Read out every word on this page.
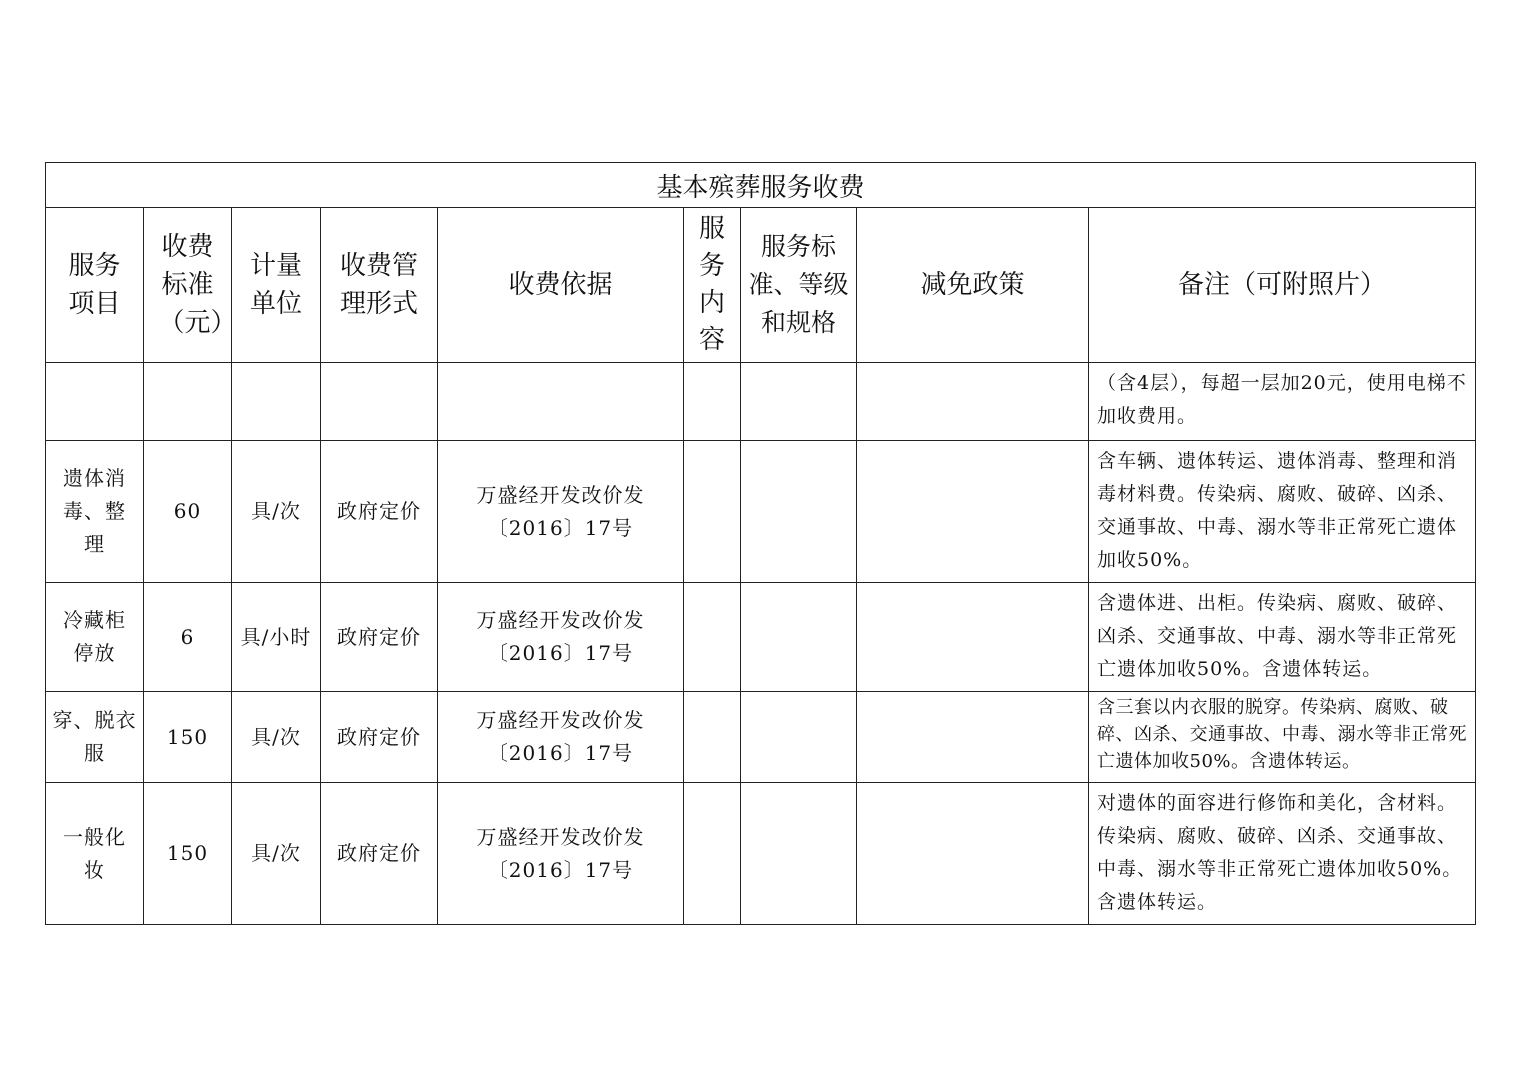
基本殡葬服务收费								

服务项目	收费标准（元）	计量单位	收费管理形式	收费依据	服务内容	服务标准、等级和规格	减免政策	备注（可附照片）
								（含4层），每超一层加20元，使用电梯不加收费用。

遗体消毒、整理	60	具/次	政府定价	万盛经开发改价发〔2016〕17号				含车辆、遗体转运、遗体消毒、整理和消毒材料费。传染病、腐败、破碎、凶杀、交通事故、中毒、溺水等非正常死亡遗体加收50%。

冷藏柜停放	6	具/小时	政府定价	万盛经开发改价发〔2016〕17号				含遗体进、出柜。传染病、腐败、破碎、凶杀、交通事故、中毒、溺水等非正常死亡遗体加收50%。含遗体转运。

穿、脱衣服	150	具/次	政府定价	万盛经开发改价发〔2016〕17号				含三套以内衣服的脱穿。传染病、腐败、破碎、凶杀、交通事故、中毒、溺水等非正常死亡遗体加收50%。含遗体转运。

一般化妆	150	具/次	政府定价	万盛经开发改价发〔2016〕17号				对遗体的面容进行修饰和美化，含材料。传染病、腐败、破碎、凶杀、交通事故、中毒、溺水等非正常死亡遗体加收50%。含遗体转运。
